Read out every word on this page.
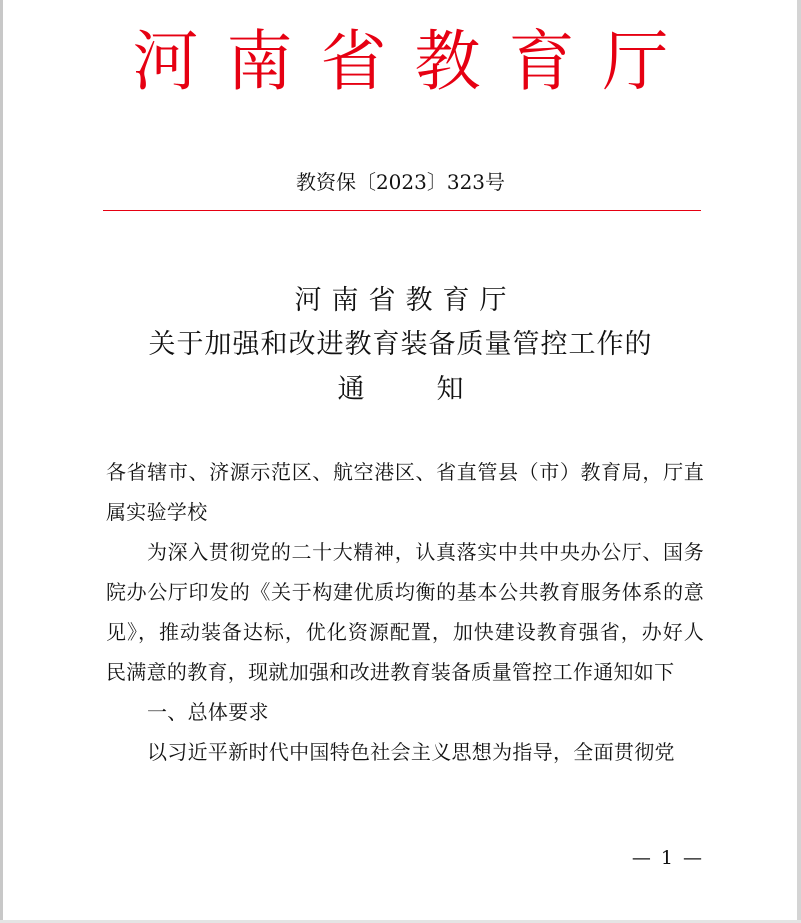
河南省教育厅
教资保〔2023〕323号
河南省教育厅
关于加强和改进教育装备质量管控工作的
通知

各省辖市、济源示范区、航空港区、省直管县（市）教育局，厅直属实验学校

为深入贯彻党的二十大精神，认真落实中共中央办公厅、国务院办公厅印发的《关于构建优质均衡的基本公共教育服务体系的意见》，推动装备达标，优化资源配置，加快建设教育强省，办好人民满意的教育，现就加强和改进教育装备质量管控工作通知如下

一、总体要求

以习近平新时代中国特色社会主义思想为指导，全面贯彻党

— 1 —
